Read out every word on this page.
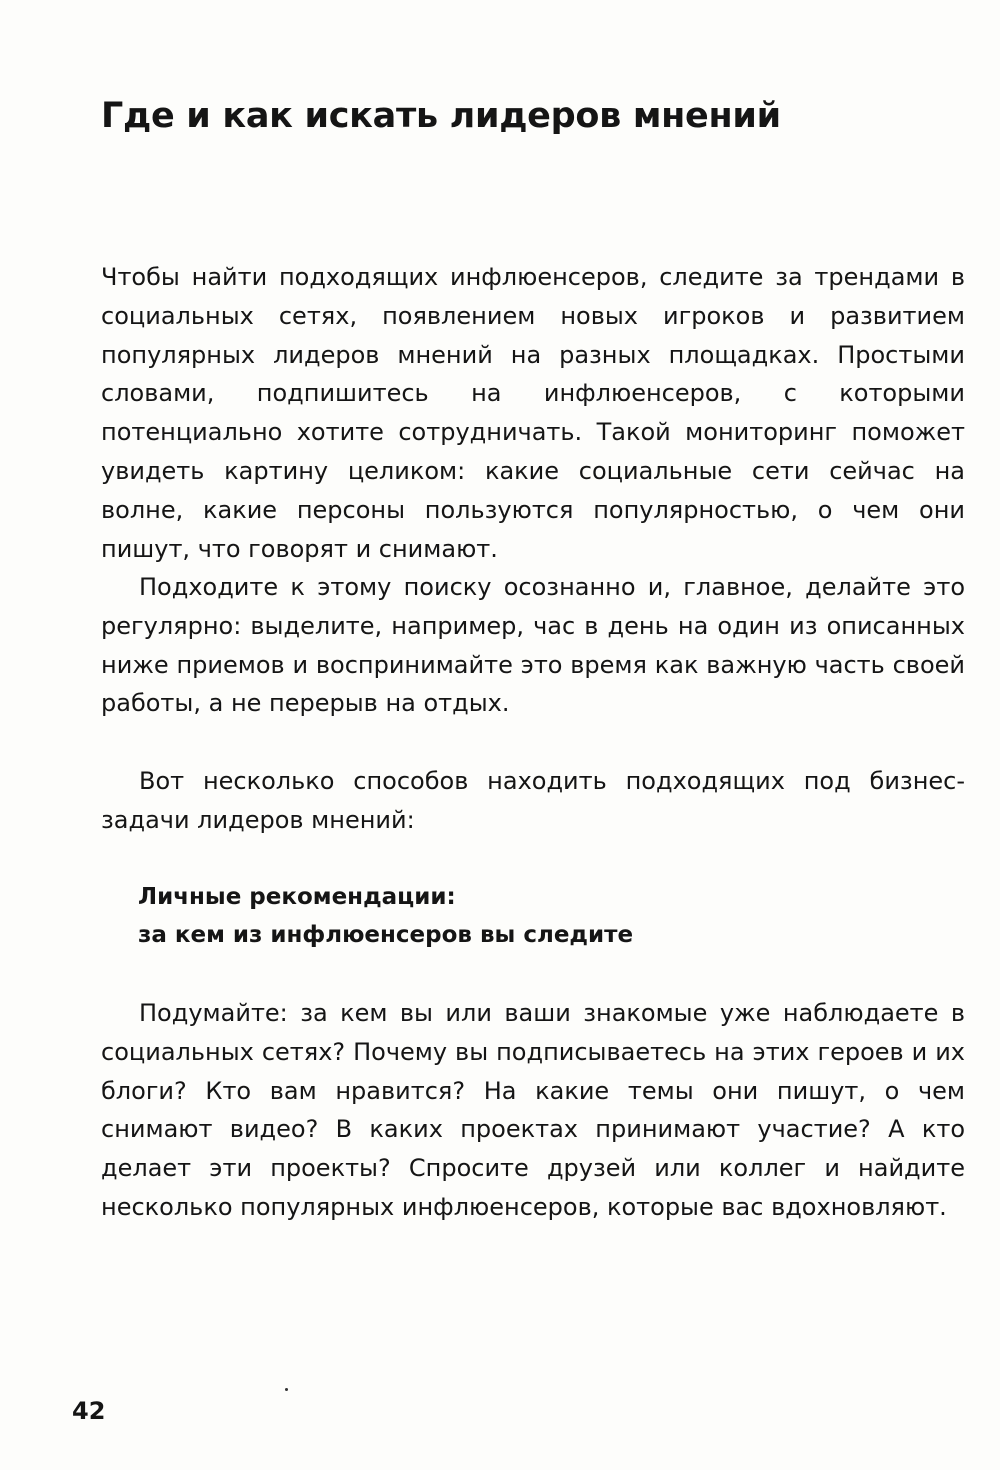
Где и как искать лидеров мнений

Чтобы найти подходящих инфлюенсеров, следите за трендами в социальных сетях, появлением новых игроков и развитием популярных лидеров мнений на разных площадках. Простыми словами, подпишитесь на инфлюенсеров, с которыми потенциально хотите сотрудничать. Такой мониторинг поможет увидеть картину целиком: какие социальные сети сейчас на волне, какие персоны пользуются популярностью, о чем они пишут, что говорят и снимают.

Подходите к этому поиску осознанно и, главное, делайте это регулярно: выделите, например, час в день на один из описанных ниже приемов и воспринимайте это время как важную часть своей работы, а не перерыв на отдых.

Вот несколько способов находить подходящих под бизнес-задачи лидеров мнений:

Личные рекомендации:
за кем из инфлюенсеров вы следите

Подумайте: за кем вы или ваши знакомые уже наблюдаете в социальных сетях? Почему вы подписываетесь на этих героев и их блоги? Кто вам нравится? На какие темы они пишут, о чем снимают видео? В каких проектах принимают участие? А кто делает эти проекты? Спросите друзей или коллег и найдите несколько популярных инфлюенсеров, которые вас вдохновляют.

42
